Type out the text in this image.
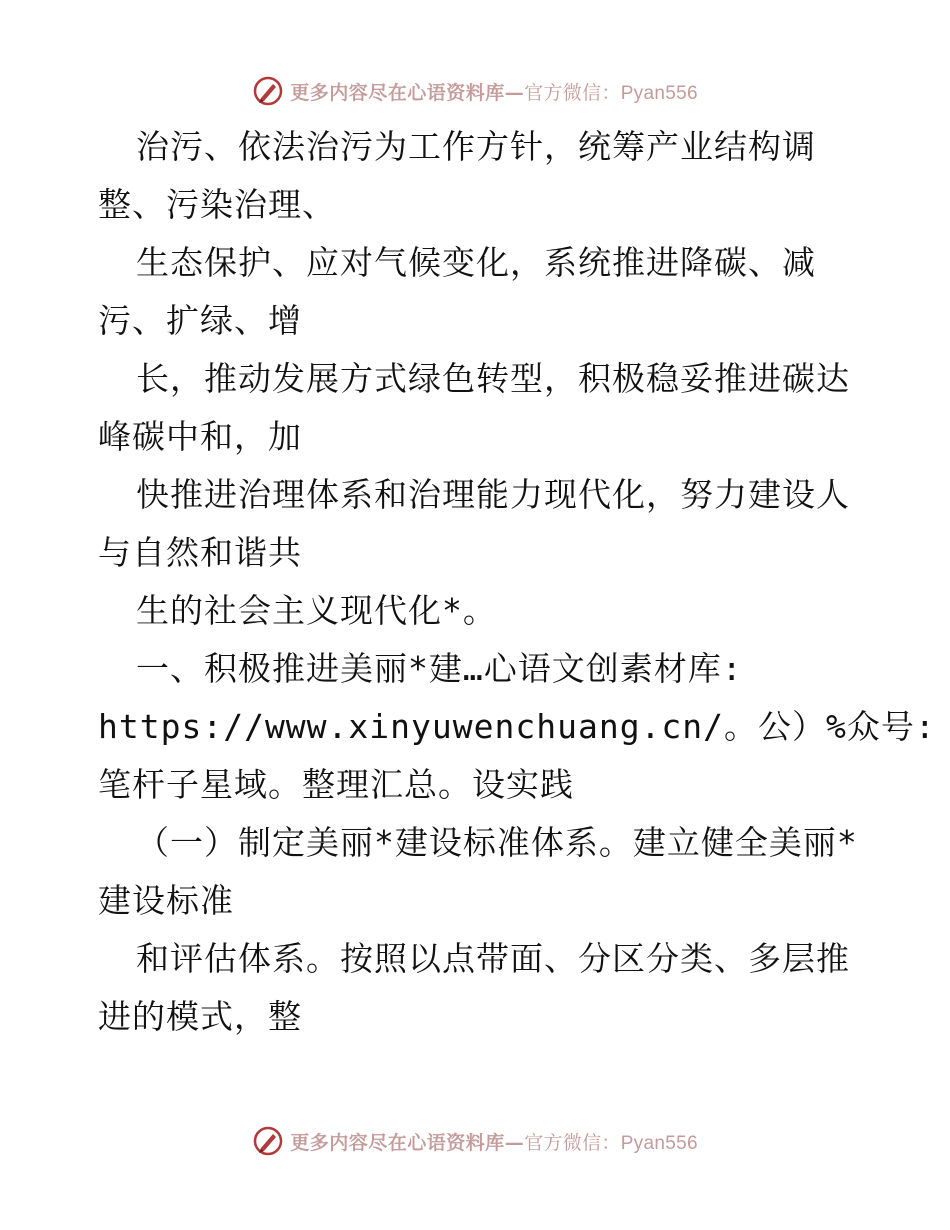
更多内容尽在心语资料库— 官方微信：Pyan556
治污、依法治污为工作方针，统筹产业结构调
整、污染治理、
生态保护、应对气候变化，系统推进降碳、减
污、扩绿、增
长，推动发展方式绿色转型，积极稳妥推进碳达
峰碳中和，加
快推进治理体系和治理能力现代化，努力建设人
与自然和谐共
生的社会主义现代化*。
一、积极推进美丽*建…心语文创素材库:
https://www.xinyuwenchuang.cn/。公）%众号:
笔杆子星域。整理汇总。设实践
（一）制定美丽*建设标准体系。建立健全美丽*
建设标准
和评估体系。按照以点带面、分区分类、多层推
进的模式，整
更多内容尽在心语资料库— 官方微信：Pyan556
